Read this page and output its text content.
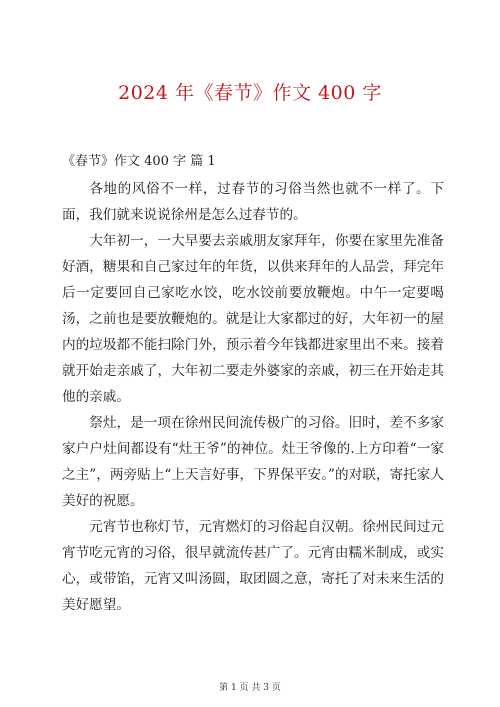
2024 年《春节》作文 400 字
《春节》作文 400 字 篇 1

各地的风俗不一样，过春节的习俗当然也就不一样了。下面，我们就来说说徐州是怎么过春节的。

大年初一，一大早要去亲戚朋友家拜年，你要在家里先准备好酒，糖果和自己家过年的年货，以供来拜年的人品尝，拜完年后一定要回自己家吃水饺，吃水饺前要放鞭炮。中午一定要喝汤，之前也是要放鞭炮的。就是让大家都过的好，大年初一的屋内的垃圾都不能扫除门外，预示着今年钱都进家里出不来。接着就开始走亲戚了，大年初二要走外婆家的亲戚，初三在开始走其他的亲戚。

祭灶，是一项在徐州民间流传极广的习俗。旧时，差不多家家户户灶间都设有“灶王爷”的神位。灶王爷像的.上方印着“一家之主”，两旁贴上“上天言好事，下界保平安。”的对联，寄托家人美好的祝愿。

元宵节也称灯节，元宵燃灯的习俗起自汉朝。徐州民间过元宵节吃元宵的习俗，很早就流传甚广了。元宵由糯米制成，或实心，或带馅，元宵又叫汤圆，取团圆之意，寄托了对未来生活的美好愿望。

第 1 页 共 3 页
